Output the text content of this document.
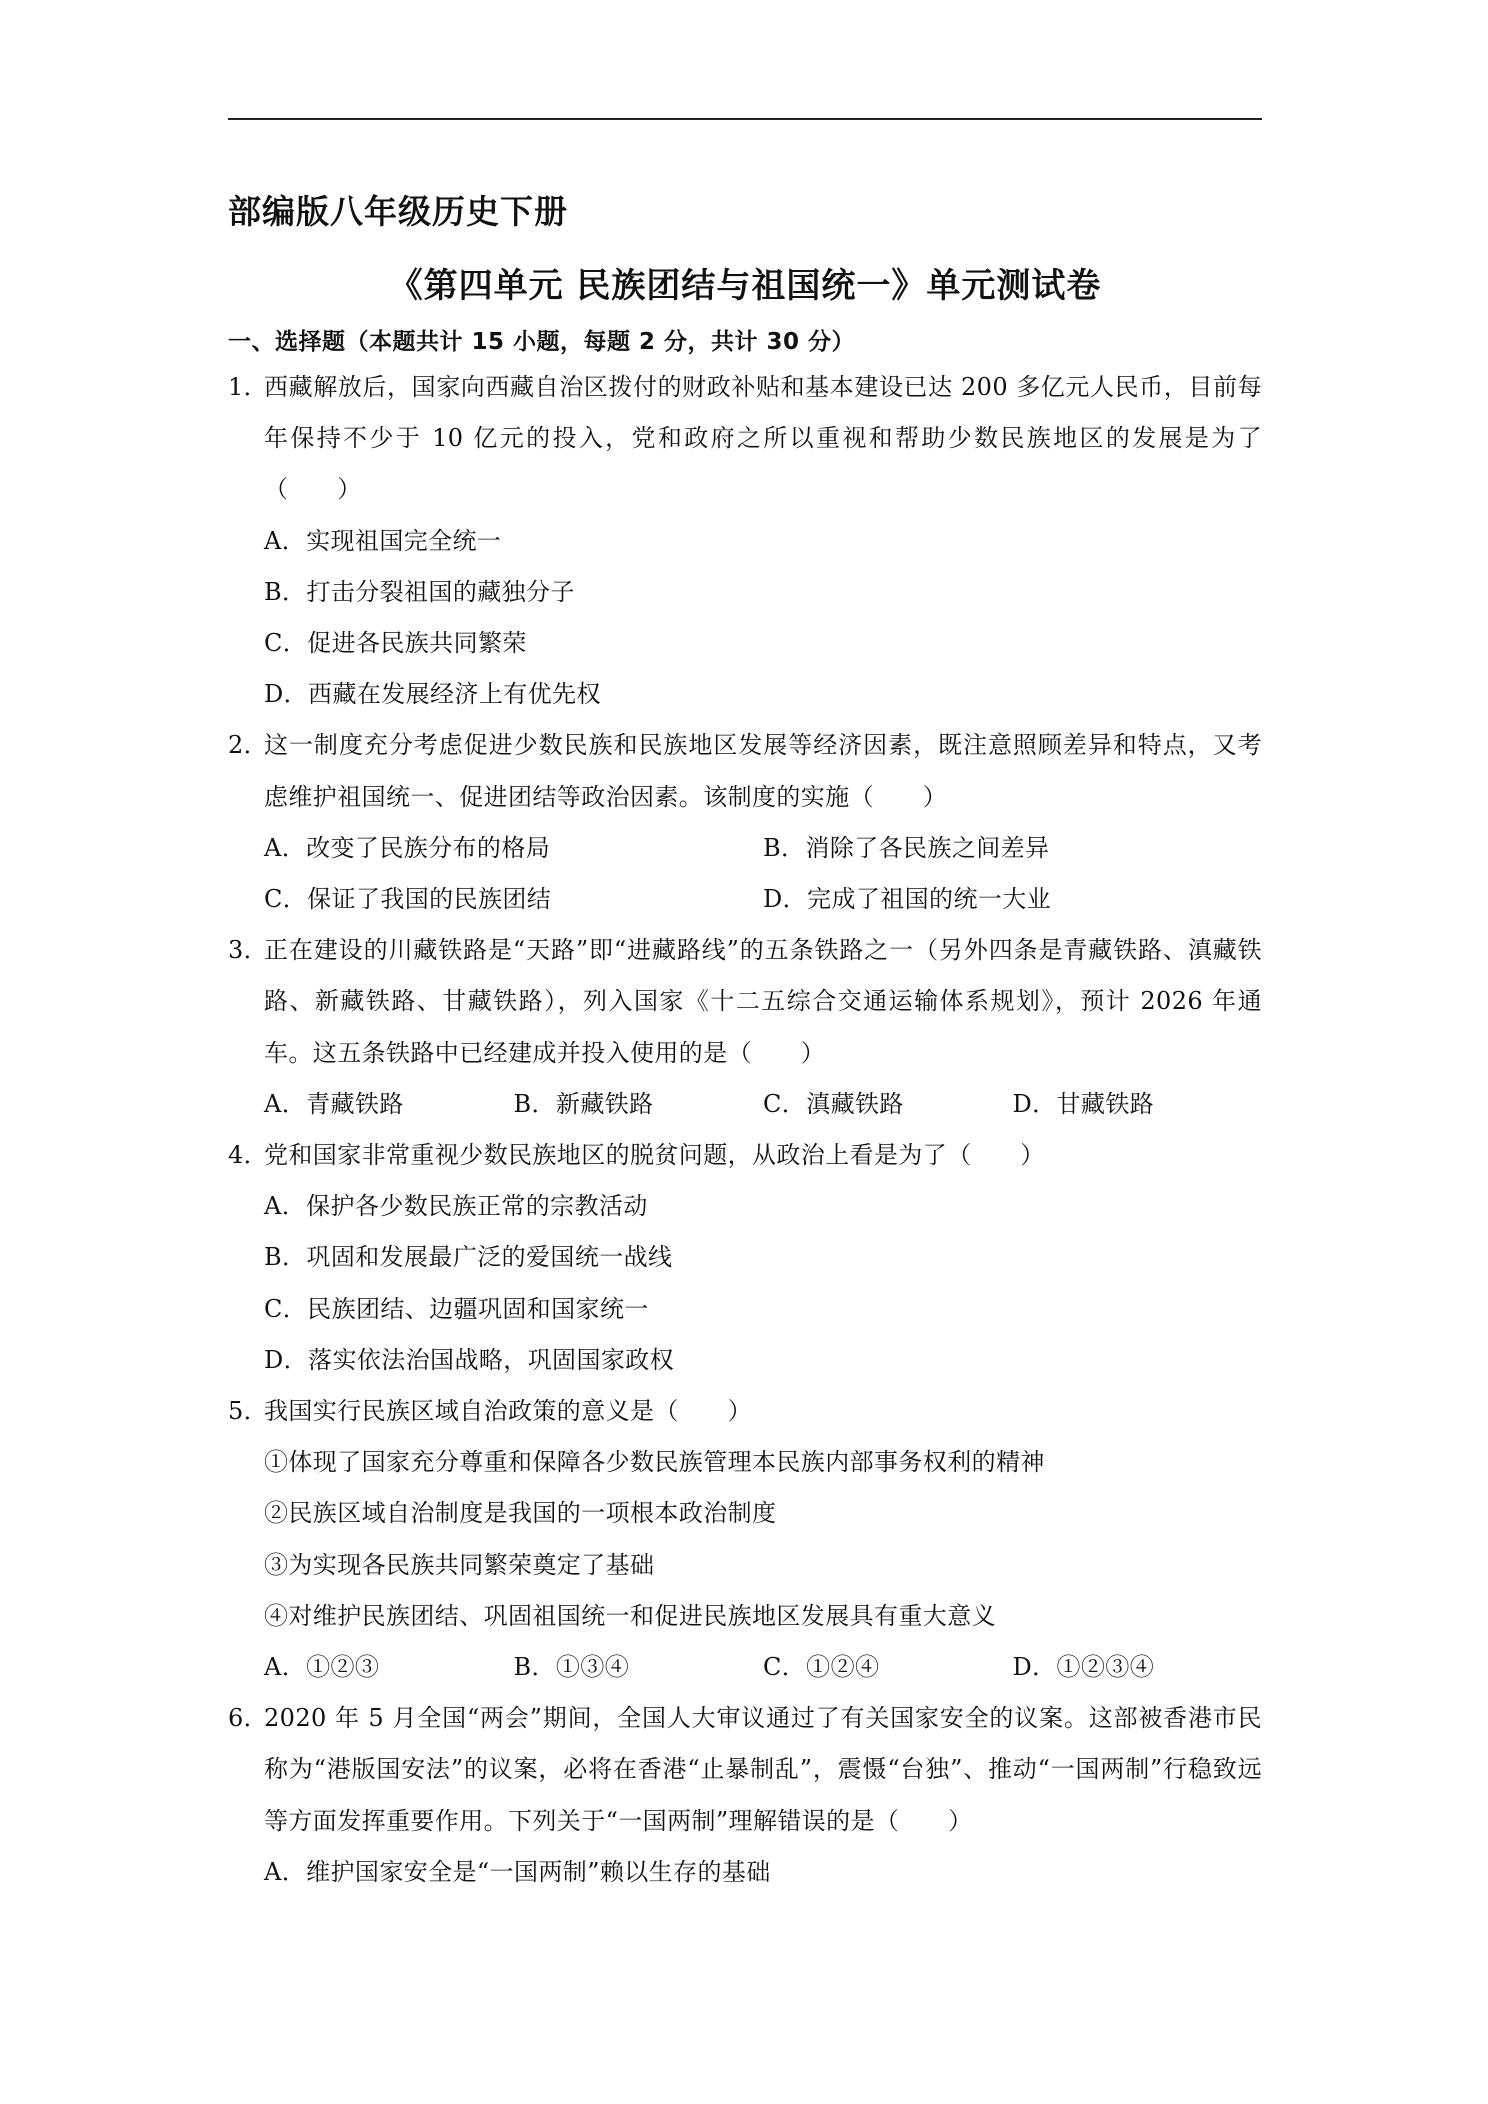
部编版八年级历史下册
《第四单元 民族团结与祖国统一》单元测试卷
一、选择题（本题共计 15 小题，每题 2 分，共计 30 分）
1．
西藏解放后，国家向西藏自治区拨付的财政补贴和基本建设已达 200 多亿元人民币，目前每年保持不少于 10 亿元的投入，党和政府之所以重视和帮助少数民族地区的发展是为了（　　）
A．实现祖国完全统一
B．打击分裂祖国的藏独分子
C．促进各民族共同繁荣
D．西藏在发展经济上有优先权
2．
这一制度充分考虑促进少数民族和民族地区发展等经济因素，既注意照顾差异和特点，又考虑维护祖国统一、促进团结等政治因素。该制度的实施（　　）
A．改变了民族分布的格局	B．消除了各民族之间差异
C．保证了我国的民族团结	D．完成了祖国的统一大业
3．
正在建设的川藏铁路是“天路”即“进藏路线”的五条铁路之一（另外四条是青藏铁路、滇藏铁路、新藏铁路、甘藏铁路），列入国家《十二五综合交通运输体系规划》，预计 2026 年通车。这五条铁路中已经建成并投入使用的是（　　）
A．青藏铁路	B．新藏铁路	C．滇藏铁路	D．甘藏铁路
4．
党和国家非常重视少数民族地区的脱贫问题，从政治上看是为了（　　）
A．保护各少数民族正常的宗教活动
B．巩固和发展最广泛的爱国统一战线
C．民族团结、边疆巩固和国家统一
D．落实依法治国战略，巩固国家政权
5．
我国实行民族区域自治政策的意义是（　　）
①体现了国家充分尊重和保障各少数民族管理本民族内部事务权利的精神
②民族区域自治制度是我国的一项根本政治制度
③为实现各民族共同繁荣奠定了基础
④对维护民族团结、巩固祖国统一和促进民族地区发展具有重大意义
A．①②③	B．①③④	C．①②④	D．①②③④
6．
2020 年 5 月全国“两会”期间，全国人大审议通过了有关国家安全的议案。这部被香港市民称为“港版国安法”的议案，必将在香港“止暴制乱”，震慑“台独”、推动“一国两制”行稳致远等方面发挥重要作用。下列关于“一国两制”理解错误的是（　　）
A．维护国家安全是“一国两制”赖以生存的基础
